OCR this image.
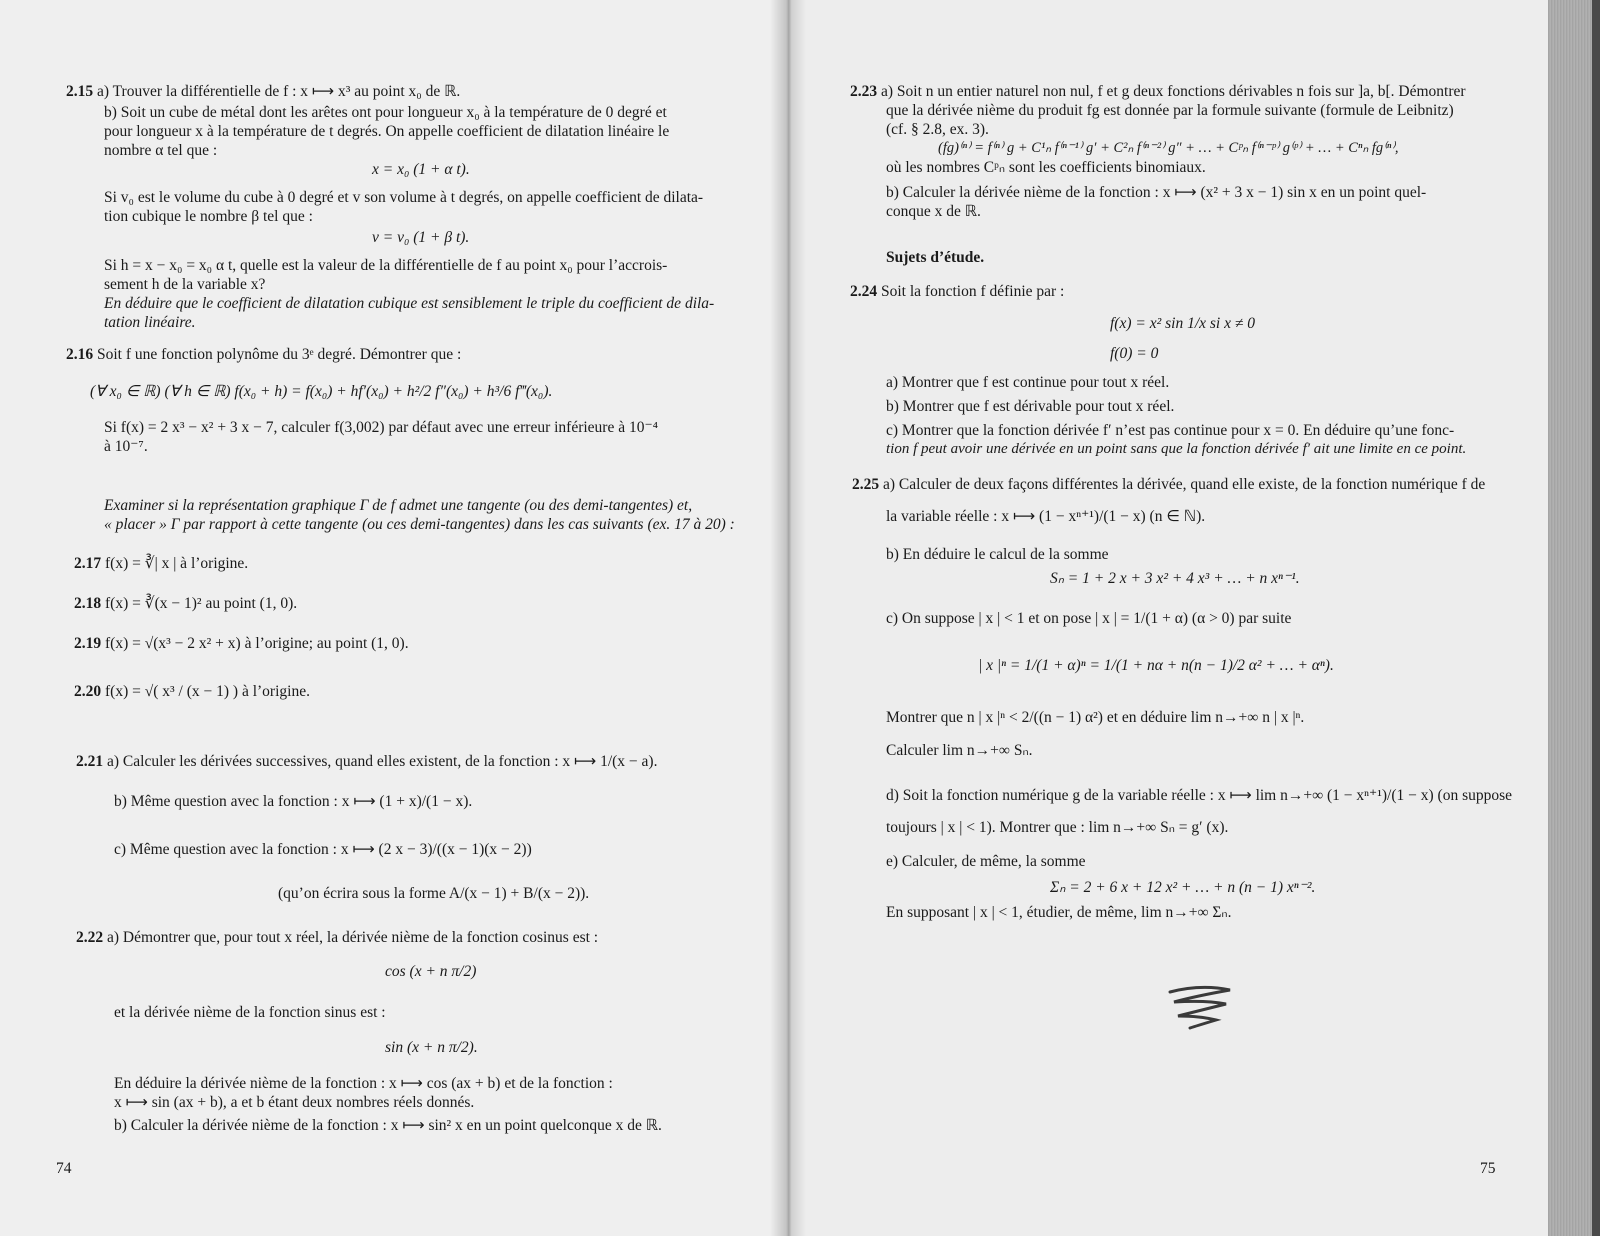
2.15 a) Trouver la différentielle de f : x ⟼ x³ au point x₀ de ℝ.
b) Soit un cube de métal dont les arêtes ont pour longueur x₀ à la température de 0 degré et
pour longueur x à la température de t degrés. On appelle coefficient de dilatation linéaire le
nombre α tel que :
x = x₀ (1 + α t).
Si v₀ est le volume du cube à 0 degré et v son volume à t degrés, on appelle coefficient de dilata-
tion cubique le nombre β tel que :
v = v₀ (1 + β t).
Si h = x − x₀ = x₀ α t, quelle est la valeur de la différentielle de f au point x₀ pour l’accrois-
sement h de la variable x?
En déduire que le coefficient de dilatation cubique est sensiblement le triple du coefficient de dila-
tation linéaire.
2.16 Soit f une fonction polynôme du 3ᵉ degré. Démontrer que :
(∀ x₀ ∈ ℝ) (∀ h ∈ ℝ) f(x₀ + h) = f(x₀) + hf′(x₀) + h²/2 f″(x₀) + h³/6 f‴(x₀).
Si f(x) = 2 x³ − x² + 3 x − 7, calculer f(3,002) par défaut avec une erreur inférieure à 10⁻⁴
à 10⁻⁷.
Examiner si la représentation graphique Γ de f admet une tangente (ou des demi-tangentes) et,
« placer » Γ par rapport à cette tangente (ou ces demi-tangentes) dans les cas suivants (ex. 17 à 20) :
2.17 f(x) = ∛| x | à l’origine.
2.18 f(x) = ∛(x − 1)² au point (1, 0).
2.19 f(x) = √(x³ − 2 x² + x) à l’origine; au point (1, 0).
2.20 f(x) = √( x³ / (x − 1) ) à l’origine.
2.21 a) Calculer les dérivées successives, quand elles existent, de la fonction : x ⟼ 1/(x − a).
b) Même question avec la fonction : x ⟼ (1 + x)/(1 − x).
c) Même question avec la fonction : x ⟼ (2 x − 3)/((x − 1)(x − 2))
(qu’on écrira sous la forme A/(x − 1) + B/(x − 2)).
2.22 a) Démontrer que, pour tout x réel, la dérivée nième de la fonction cosinus est :
cos (x + n π/2)
et la dérivée nième de la fonction sinus est :
sin (x + n π/2).
En déduire la dérivée nième de la fonction : x ⟼ cos (ax + b) et de la fonction :
x ⟼ sin (ax + b), a et b étant deux nombres réels donnés.
b) Calculer la dérivée nième de la fonction : x ⟼ sin² x en un point quelconque x de ℝ.
74
2.23 a) Soit n un entier naturel non nul, f et g deux fonctions dérivables n fois sur ]a, b[. Démontrer
que la dérivée nième du produit fg est donnée par la formule suivante (formule de Leibnitz)
(cf. § 2.8, ex. 3).
(fg)⁽ⁿ⁾ = f⁽ⁿ⁾ g + C¹ₙ f⁽ⁿ⁻¹⁾ g′ + C²ₙ f⁽ⁿ⁻²⁾ g″ + … + Cᵖₙ f⁽ⁿ⁻ᵖ⁾ g⁽ᵖ⁾ + … + Cⁿₙ fg⁽ⁿ⁾,
où les nombres Cᵖₙ sont les coefficients binomiaux.
b) Calculer la dérivée nième de la fonction : x ⟼ (x² + 3 x − 1) sin x en un point quel-
conque x de ℝ.
Sujets d’étude.
2.24 Soit la fonction f définie par :
f(x) = x² sin 1/x si x ≠ 0
f(0) = 0
a) Montrer que f est continue pour tout x réel.
b) Montrer que f est dérivable pour tout x réel.
c) Montrer que la fonction dérivée f′ n’est pas continue pour x = 0. En déduire qu’une fonc-
tion f peut avoir une dérivée en un point sans que la fonction dérivée f′ ait une limite en ce point.
2.25 a) Calculer de deux façons différentes la dérivée, quand elle existe, de la fonction numérique f de
la variable réelle : x ⟼ (1 − xⁿ⁺¹)/(1 − x) (n ∈ ℕ).
b) En déduire le calcul de la somme
Sₙ = 1 + 2 x + 3 x² + 4 x³ + … + n xⁿ⁻¹.
c) On suppose | x | < 1 et on pose | x | = 1/(1 + α) (α > 0) par suite
| x |ⁿ = 1/(1 + α)ⁿ = 1/(1 + nα + n(n − 1)/2 α² + … + αⁿ).
Montrer que n | x |ⁿ < 2/((n − 1) α²) et en déduire lim n→+∞ n | x |ⁿ.
Calculer lim n→+∞ Sₙ.
d) Soit la fonction numérique g de la variable réelle : x ⟼ lim n→+∞ (1 − xⁿ⁺¹)/(1 − x) (on suppose
toujours | x | < 1). Montrer que : lim n→+∞ Sₙ = g′ (x).
e) Calculer, de même, la somme
Σₙ = 2 + 6 x + 12 x² + … + n (n − 1) xⁿ⁻².
En supposant | x | < 1, étudier, de même, lim n→+∞ Σₙ.
75
